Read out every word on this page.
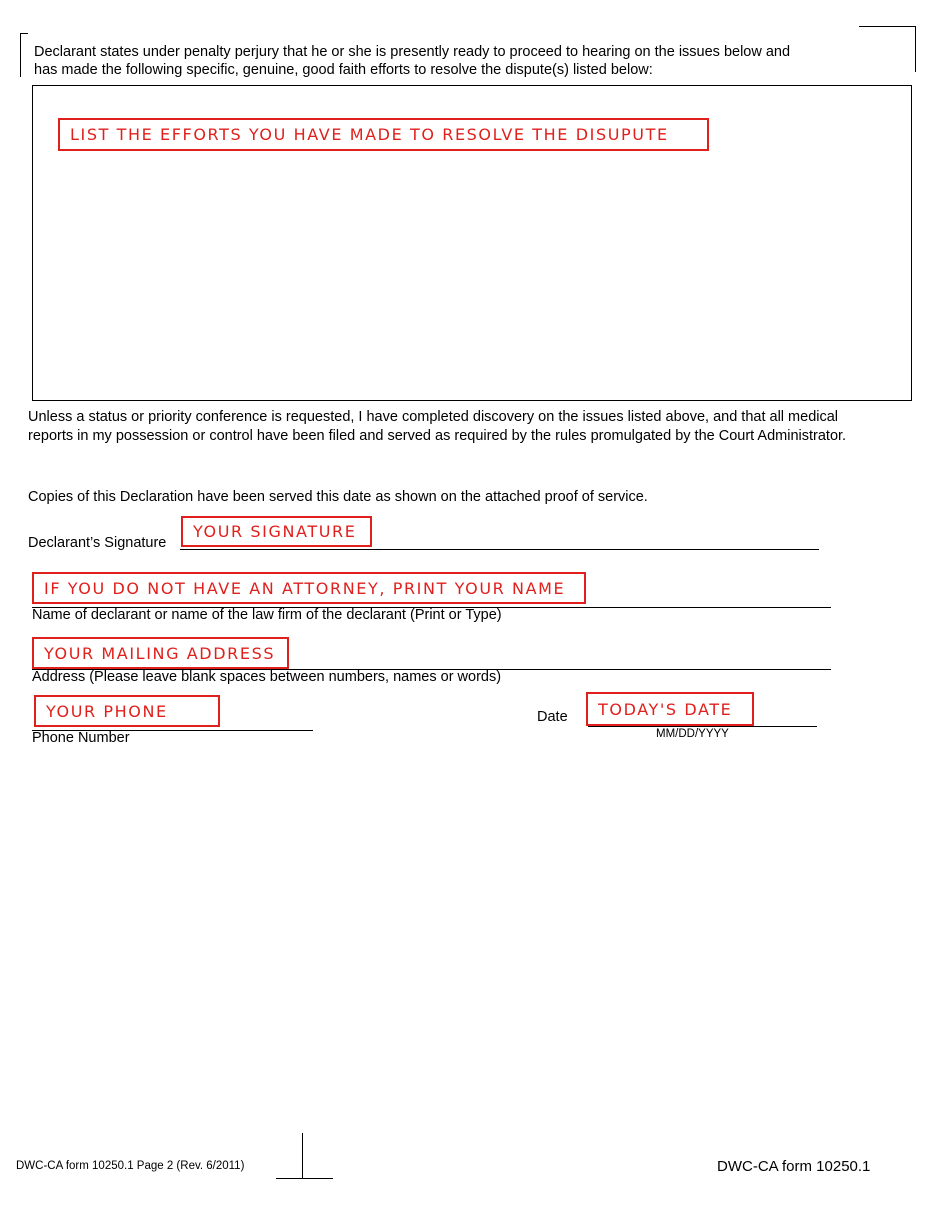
Declarant states under penalty perjury that he or she is presently ready to proceed to hearing on the issues below and
has made the following specific, genuine, good faith efforts to resolve the dispute(s) listed below:
LIST THE EFFORTS YOU HAVE MADE TO RESOLVE THE DISUPUTE
Unless a status or priority conference is requested, I have completed discovery on the issues listed above, and that all medical
reports in my possession or control have been filed and served as required by the rules promulgated by the Court Administrator.
Copies of this Declaration have been served this date as shown on the attached proof of service.
Declarant’s Signature
YOUR SIGNATURE
IF YOU DO NOT HAVE AN ATTORNEY, PRINT YOUR NAME
Name of declarant or name of the law firm of the declarant (Print or Type)
YOUR MAILING ADDRESS
Address (Please leave blank spaces between numbers, names or words)
YOUR PHONE
Phone Number
Date	TODAY'S DATE
MM/DD/YYYY
DWC-CA form 10250.1 Page 2 (Rev. 6/2011)	DWC-CA form 10250.1
